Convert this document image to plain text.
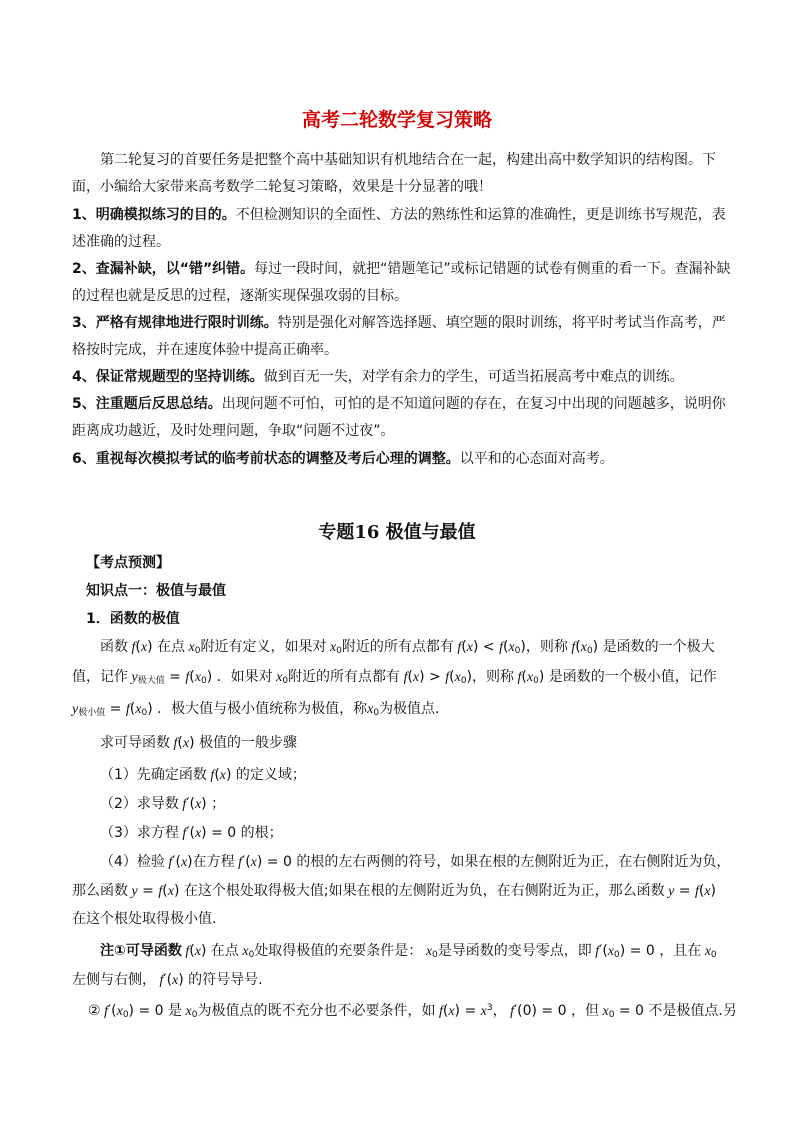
高考二轮数学复习策略
第二轮复习的首要任务是把整个高中基础知识有机地结合在一起，构建出高中数学知识的结构图。下
面，小编给大家带来高考数学二轮复习策略，效果是十分显著的哦！
1、明确模拟练习的目的。不但检测知识的全面性、方法的熟练性和运算的准确性，更是训练书写规范，表
述准确的过程。
2、查漏补缺，以“错”纠错。每过一段时间，就把“错题笔记”或标记错题的试卷有侧重的看一下。查漏补缺
的过程也就是反思的过程，逐渐实现保强攻弱的目标。
3、严格有规律地进行限时训练。特别是强化对解答选择题、填空题的限时训练，将平时考试当作高考，严
格按时完成，并在速度体验中提高正确率。
4、保证常规题型的坚持训练。做到百无一失，对学有余力的学生，可适当拓展高考中难点的训练。
5、注重题后反思总结。出现问题不可怕，可怕的是不知道问题的存在，在复习中出现的问题越多，说明你
距离成功越近，及时处理问题，争取“问题不过夜”。
6、重视每次模拟考试的临考前状态的调整及考后心理的调整。以平和的心态面对高考。
专题16 极值与最值
【考点预测】
知识点一：极值与最值
1．函数的极值
函数 f(x) 在点 $x_0$附近有定义，如果对 $x_0$附近的所有点都有 $f(x) < f(x_0)$，则称 $f(x_0)$ 是函数的一个极大
值，记作 $y_{极大值} = f(x_0)$ ．如果对 $x_0$附近的所有点都有 $f(x) > f(x_0)$，则称 $f(x_0)$ 是函数的一个极小值，记作
$y_{极小值} = f(x_0)$ ．极大值与极小值统称为极值，称$x_0$为极值点．
求可导函数 f(x) 极值的一般步骤
（1）先确定函数 f(x) 的定义域；
（2）求导数 f′(x) ；
（3）求方程 f′(x) = 0 的根；
（4）检验 f′(x)在方程 f′(x) = 0 的根的左右两侧的符号，如果在根的左侧附近为正，在右侧附近为负，
那么函数 y = f(x) 在这个根处取得极大值;如果在根的左侧附近为负，在右侧附近为正，那么函数 y = f(x)
在这个根处取得极小值.
注①可导函数 f(x) 在点 $x_0$处取得极值的充要条件是： $x_0$是导函数的变号零点，即 $f'(x_0) = 0$ ，且在 $x_0$
左侧与右侧， f′(x) 的符号导号.
② $f'(x_0) = 0$ 是 $x_0$为极值点的既不充分也不必要条件，如 $f(x) = x^3$， f′(0) = 0 ，但 $x_0 = 0$ 不是极值点.另
